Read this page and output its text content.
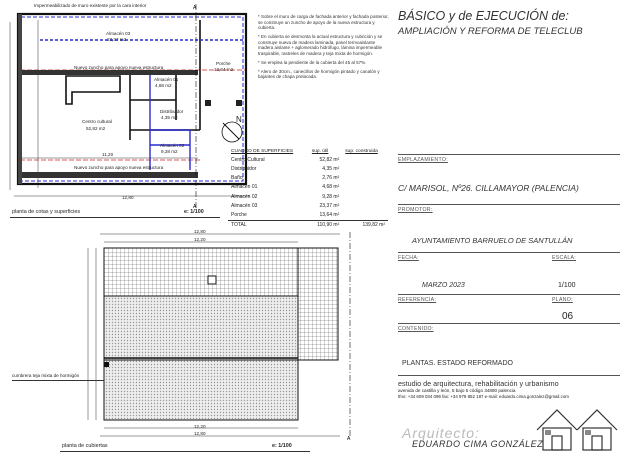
A
A
Impermeabilizado de muro existente por la cara interior
12,80
11,20
Nuevo zuncho para apoyo nueva estructura
Nuevo zuncho para apoyo nueva estructura
Almacén 03
23,37 m2
Almacén 01
4,68 m2
Porche
13,64 m2
Centro cultural
52,82 m2
Distribuidor
4,35 m2
Almacén 02
9,28 m2
N
planta de cotas y superficies	e: 1/100

* Sobre el muro de carga de fachada anterior y fachada posterior, se construye un zuncho de apoyo de la nueva estructura y cubierta.

* En cubierta se desmonta la actual estructura y cubrición y se construye nueva de madera laminada, panel termoaislante madera aislante + aglomerado hidrófugo, lámina impermeable traspirable, rastreles de madera y teja mixta de hormigón.

* Se emplea la pendiente de la cubierta del 45 al 57%.

* Alero de 30cm., canecillos de hormigón pintado y canalón y bajantes de chapa prelacada.

CUADRO DE SUPERFICIES	sup. útil	sup. construida
Centro Cultural	52,82 m²	
Distribuidor	4,35 m²	
Baño	2,76 m²	
Almacén 01	4,68 m²	
Almacén 02	9,28 m²	
Almacén 03	23,37 m²	
Porche	13,64 m²	
TOTAL	110,90 m²	139,82 m²
A
12,80
12,20
12,20
12,80
cumbrera teja mixta de hormigón
planta de cubiertas	e: 1/100
BÁSICO y de EJECUCIÓN de:
AMPLIACIÓN Y REFORMA DE TELECLUB
EMPLAZAMIENTO:
C/ MARISOL, Nº26. CILLAMAYOR (PALENCIA)
PROMOTOR:
AYUNTAMIENTO BARRUELO DE SANTULLÁN
FECHA:	ESCALA:
MARZO 2023	1/100
REFERENCIA:	PLANO:
06
CONTENIDO:
PLANTAS. ESTADO REFORMADO
estudio de arquitectura, rehabilitación y urbanismo
avenida de castilla y león, 5 bajo 5 código 34880 palencia
tfno: +34 609 034 099 fax: +34 979 852 187 e-mail: eduardo.cima.gonzalez@gmail.com
Arquitecto:
EDUARDO CIMA GONZÁLEZ
